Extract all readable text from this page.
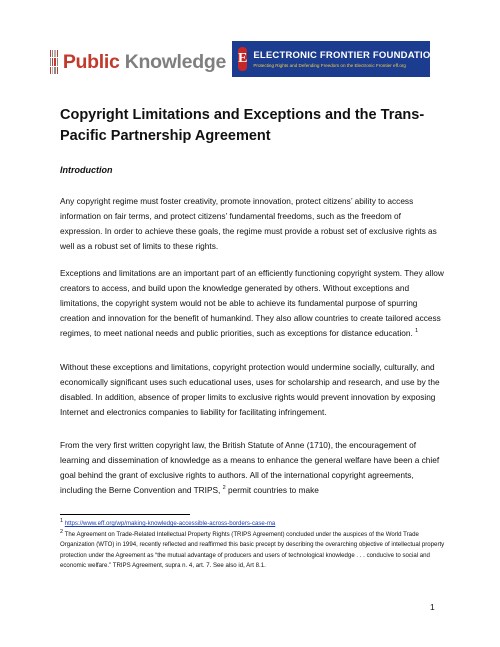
Public Knowledge E ELECTRONIC FRONTIER FOUNDATION
Protecting Rights and Defending Freedom on the Electronic Frontier eff.org
Copyright Limitations and Exceptions and the Trans-Pacific Partnership Agreement
Introduction

Any copyright regime must foster creativity, promote innovation, protect citizens’ ability to access information on fair terms, and protect citizens’ fundamental freedoms, such as the freedom of expression. In order to achieve these goals, the regime must provide a robust set of exclusive rights as well as a robust set of limits to these rights.

Exceptions and limitations are an important part of an efficiently functioning copyright system. They allow creators to access, and build upon the knowledge generated by others. Without exceptions and limitations, the copyright system would not be able to achieve its fundamental purpose of spurring creation and innovation for the benefit of humankind. They also allow countries to create tailored access regimes, to meet national needs and public priorities, such as exceptions for distance education. $^1$

Without these exceptions and limitations, copyright protection would undermine socially, culturally, and economically significant uses such educational uses, uses for scholarship and research, and use by the disabled. In addition, absence of proper limits to exclusive rights would prevent innovation by exposing Internet and electronics companies to liability for facilitating infringement.

From the very first written copyright law, the British Statute of Anne (1710), the encouragement of learning and dissemination of knowledge as a means to enhance the general welfare have been a chief goal behind the grant of exclusive rights to authors. All of the international copyright agreements, including the Berne Convention and TRIPS, $^2$ permit countries to make

$^1$ https://www.eff.org/wp/making-knowledge-accessible-across-borders-case-ma
$^2$ The Agreement on Trade-Related Intellectual Property Rights (TRIPS Agreement) concluded under the auspices of the World Trade Organization (WTO) in 1994, recently reflected and reaffirmed this basic precept by describing the overarching objective of intellectual property protection under the Agreement as “the mutual advantage of producers and users of technological knowledge . . . conducive to social and economic welfare.” TRIPS Agreement, supra n. 4, art. 7. See also id, Art 8.1.
1
